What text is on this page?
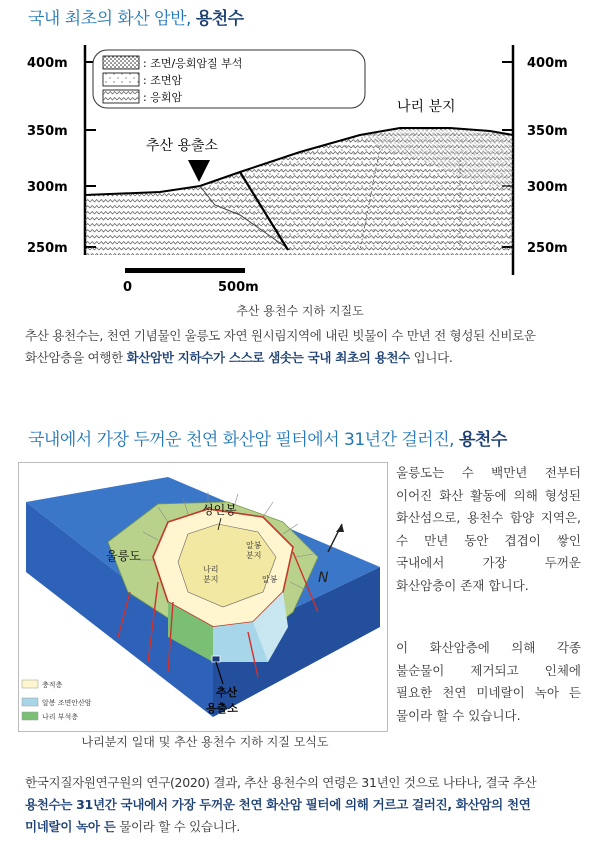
국내 최초의 화산 암반, 용천수
400m
350m
300m
250m
400m
350m
300m
250m
추산 용출소
나리 분지
: 조면/응회암질 부석
: 조면암
: 응회암
0	500m
추산 용천수 지하 지질도
추산 용천수는, 천연 기념물인 울릉도 자연 원시림지역에 내린 빗물이 수 만년 전 형성된 신비로운
화산암층을 여행한 화산암반 지하수가 스스로 샘솟는 국내 최초의 용천수 입니다.
국내에서 가장 두꺼운 천연 화산암 필터에서 31년간 걸러진, 용천수
N
성인봉
울릉도
나리
분지
알봉
분지
알봉
300m
270m	추산
용출소
충적층
알봉 조면안산암
나리 부석층
나리분지 일대 및 추산 용천수 지하 지질 모식도
울릉도는 수 백만년 전부터
이어진 화산 활동에 의해 형성된
화산섬으로, 용천수 함양 지역은,
수 만년 동안 겹겹이 쌓인
국내에서 가장 두꺼운
화산암층이 존재 합니다.
이 화산암층에 의해 각종
불순물이 제거되고 인체에
필요한 천연 미네랄이 녹아 든
물이라 할 수 있습니다.
한국지질자원연구원의 연구(2020) 결과, 추산 용천수의 연령은 31년인 것으로 나타나, 결국 추산
용천수는 31년간 국내에서 가장 두꺼운 천연 화산암 필터에 의해 거르고 걸러진, 화산암의 천연
미네랄이 녹아 든 물이라 할 수 있습니다.
